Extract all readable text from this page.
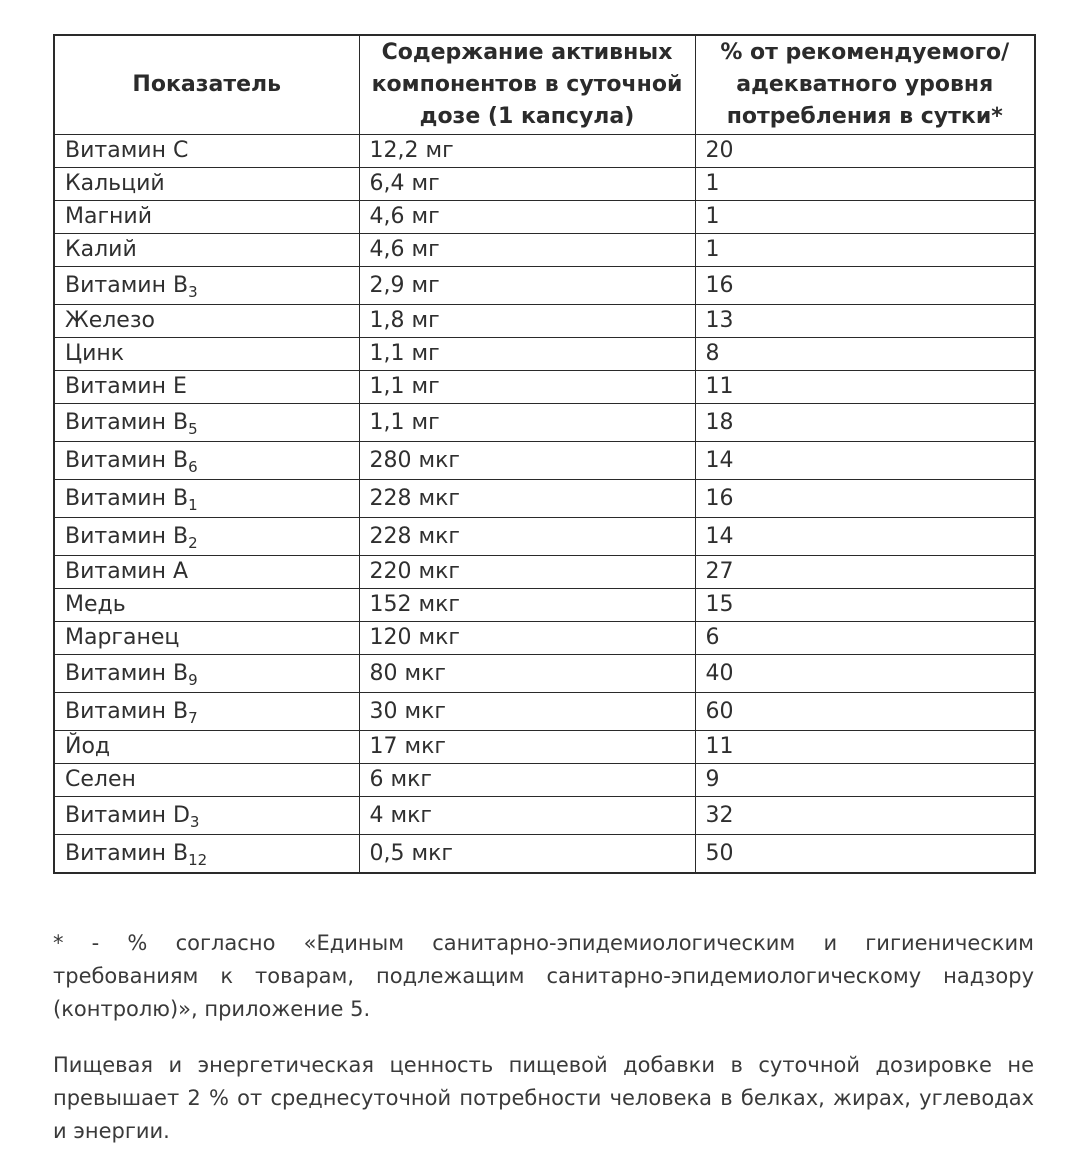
Показатель	Содержание активных компонентов в суточной дозе (1 капсула)	% от рекомендуемого/ адекватного уровня потребления в сутки*
Витамин C	12,2 мг	20
Кальций	6,4 мг	1
Магний	4,6 мг	1
Калий	4,6 мг	1
Витамин $B_3$	2,9 мг	16
Железо	1,8 мг	13
Цинк	1,1 мг	8
Витамин E	1,1 мг	11
Витамин $B_5$	1,1 мг	18
Витамин $B_6$	280 мкг	14
Витамин $B_1$	228 мкг	16
Витамин $B_2$	228 мкг	14
Витамин A	220 мкг	27
Медь	152 мкг	15
Марганец	120 мкг	6
Витамин $B_9$	80 мкг	40
Витамин $B_7$	30 мкг	60
Йод	17 мкг	11
Селен	6 мкг	9
Витамин $D_3$	4 мкг	32
Витамин $B_{12}$	0,5 мкг	50

* - % согласно «Единым санитарно-эпидемиологическим и гигиеническим требованиям к товарам, подлежащим санитарно-эпидемиологическому надзору (контролю)», приложение 5.

Пищевая и энергетическая ценность пищевой добавки в суточной дозировке не превышает 2 % от среднесуточной потребности человека в белках, жирах, углеводах и энергии.
